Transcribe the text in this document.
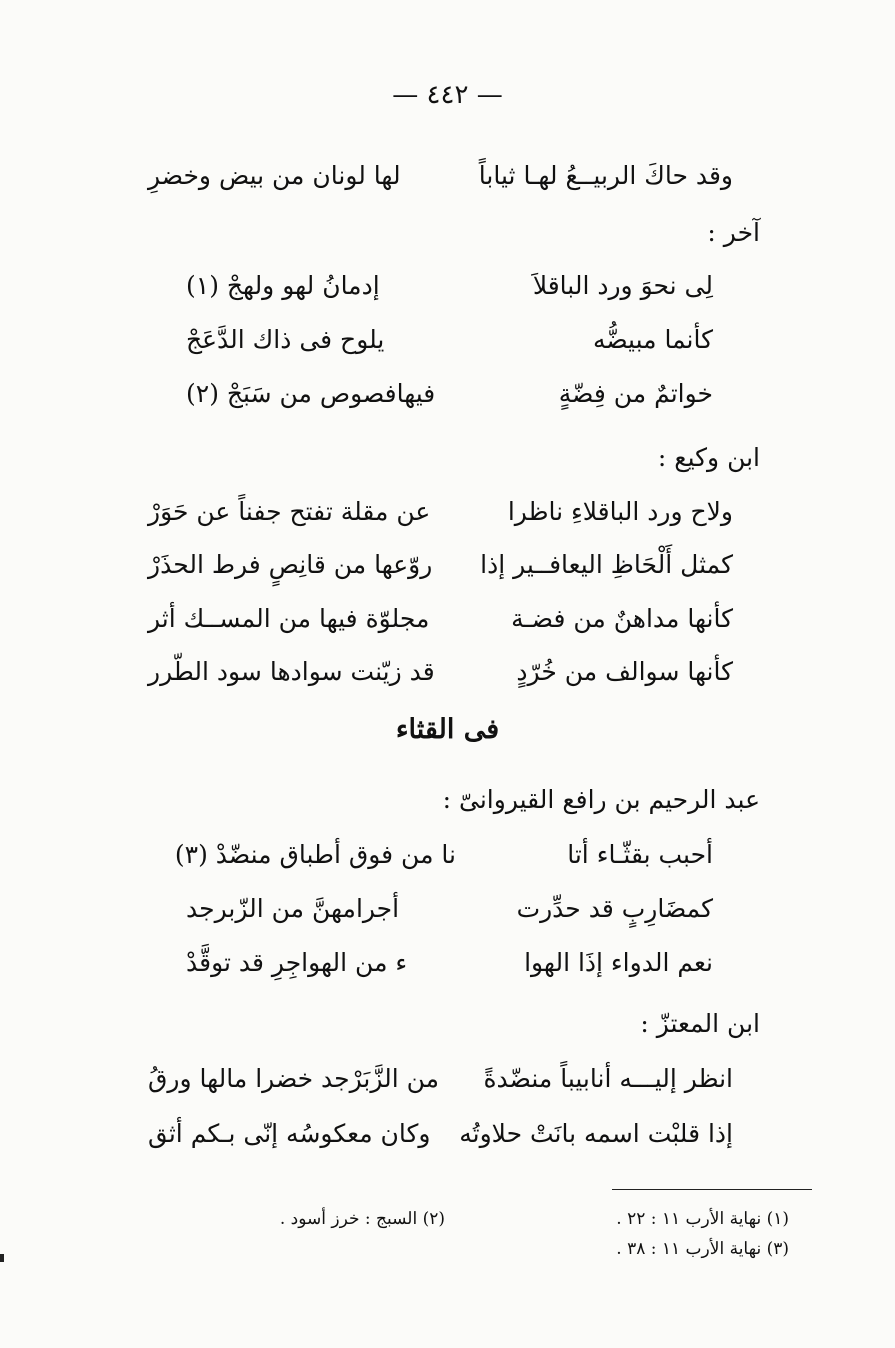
— ٤٤٢ —
وقد حاكَ الربيــعُ لهـا ثياباً
لها لونان من بيض وخضرِ
آخر :
لِى نحوَ ورد الباقلاَ
إدمانُ لهو ولهجْ (١)
كأنما مبيضُّه
يلوح فى ذاك الدَّعَجْ
خواتمٌ من فِضّةٍ
فيهافصوص من سَبَجْ (٢)
ابن وكيع :
ولاح ورد الباقلاءِ ناظرا
عن مقلة تفتح جفناً عن حَوَرْ
كمثل أَلْحَاظِ اليعافــير إذا
روّعها من قانِصٍ فرط الحذَرْ
كأنها مداهنٌ من فضـة
مجلوّة فيها من المســك أثر
كأنها سوالف من خُرّدٍ
قد زيّنت سوادها سود الطّرر
فى القثاء
عبد الرحيم بن رافع القيروانىّ :
أحبب بقثّـاء أتا
نا من فوق أطباق منضّدْ (٣)
كمضَارِبٍ قد حدِّرت
أجرامهنَّ من الزّبرجد
نعم الدواء إذَا الهوا
ء من الهواجِرِ قد توقَّدْ
ابن المعتزّ :
انظر إليـــه أنابيباً منضّدةً
من الزَّبَرْجد خضرا مالها ورقُ
إذا قلبْت اسمه بانَتْ حلاوتُه
وكان معكوسُه إنّى بـكم أثق
(١) نهاية الأرب ١١ : ٢٢ .
(٢) السبج : خرز أسود .
(٣) نهاية الأرب ١١ : ٣٨ .
